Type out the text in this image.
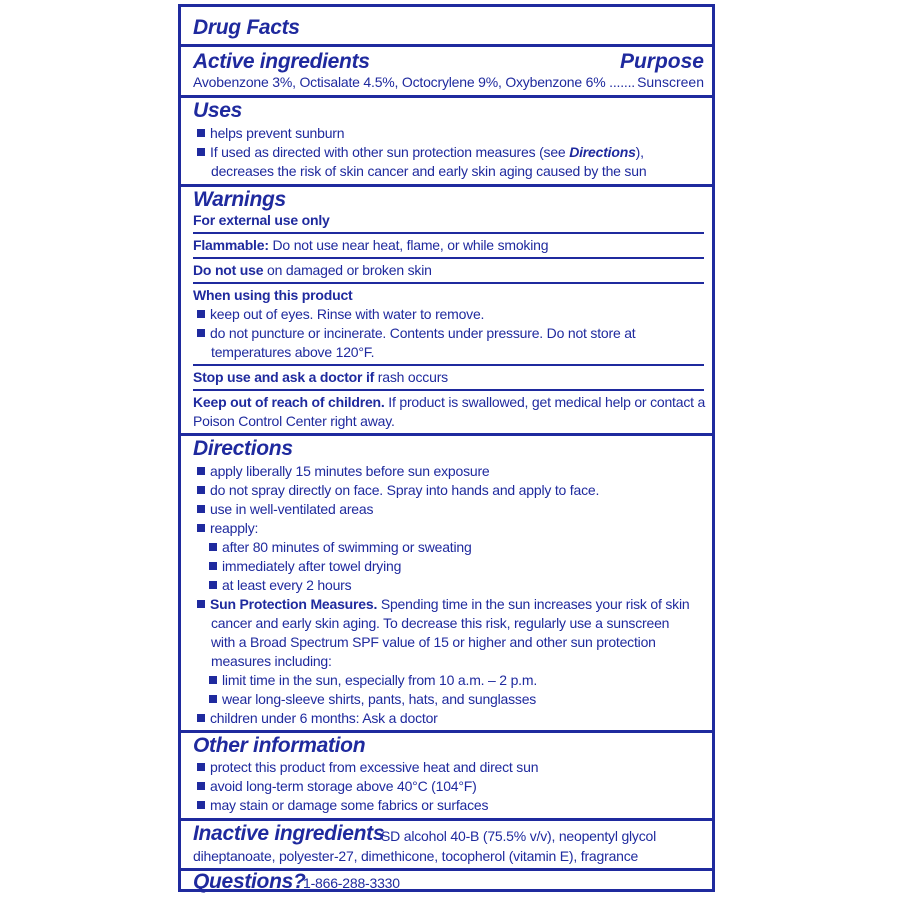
Drug Facts
Active ingredients	Purpose
Avobenzone 3%, Octisalate 4.5%, Octocrylene 9%, Oxybenzone 6% ....... Sunscreen
Uses
helps prevent sunburn
If used as directed with other sun protection measures (see Directions),
decreases the risk of skin cancer and early skin aging caused by the sun
Warnings
For external use only
Flammable: Do not use near heat, flame, or while smoking
Do not use on damaged or broken skin
When using this product
keep out of eyes. Rinse with water to remove.
do not puncture or incinerate. Contents under pressure. Do not store at
temperatures above 120°F.
Stop use and ask a doctor if rash occurs
Keep out of reach of children. If product is swallowed, get medical help or contact a
Poison Control Center right away.
Directions
apply liberally 15 minutes before sun exposure
do not spray directly on face. Spray into hands and apply to face.
use in well-ventilated areas
reapply:
after 80 minutes of swimming or sweating
immediately after towel drying
at least every 2 hours
Sun Protection Measures. Spending time in the sun increases your risk of skin
cancer and early skin aging. To decrease this risk, regularly use a sunscreen
with a Broad Spectrum SPF value of 15 or higher and other sun protection
measures including:
limit time in the sun, especially from 10 a.m. – 2 p.m.
wear long-sleeve shirts, pants, hats, and sunglasses
children under 6 months: Ask a doctor
Other information
protect this product from excessive heat and direct sun
avoid long-term storage above 40°C (104°F)
may stain or damage some fabrics or surfaces
Inactive ingredients
SD alcohol 40-B (75.5% v/v), neopentyl glycol
diheptanoate, polyester-27, dimethicone, tocopherol (vitamin E), fragrance
Questions?
1-866-288-3330
